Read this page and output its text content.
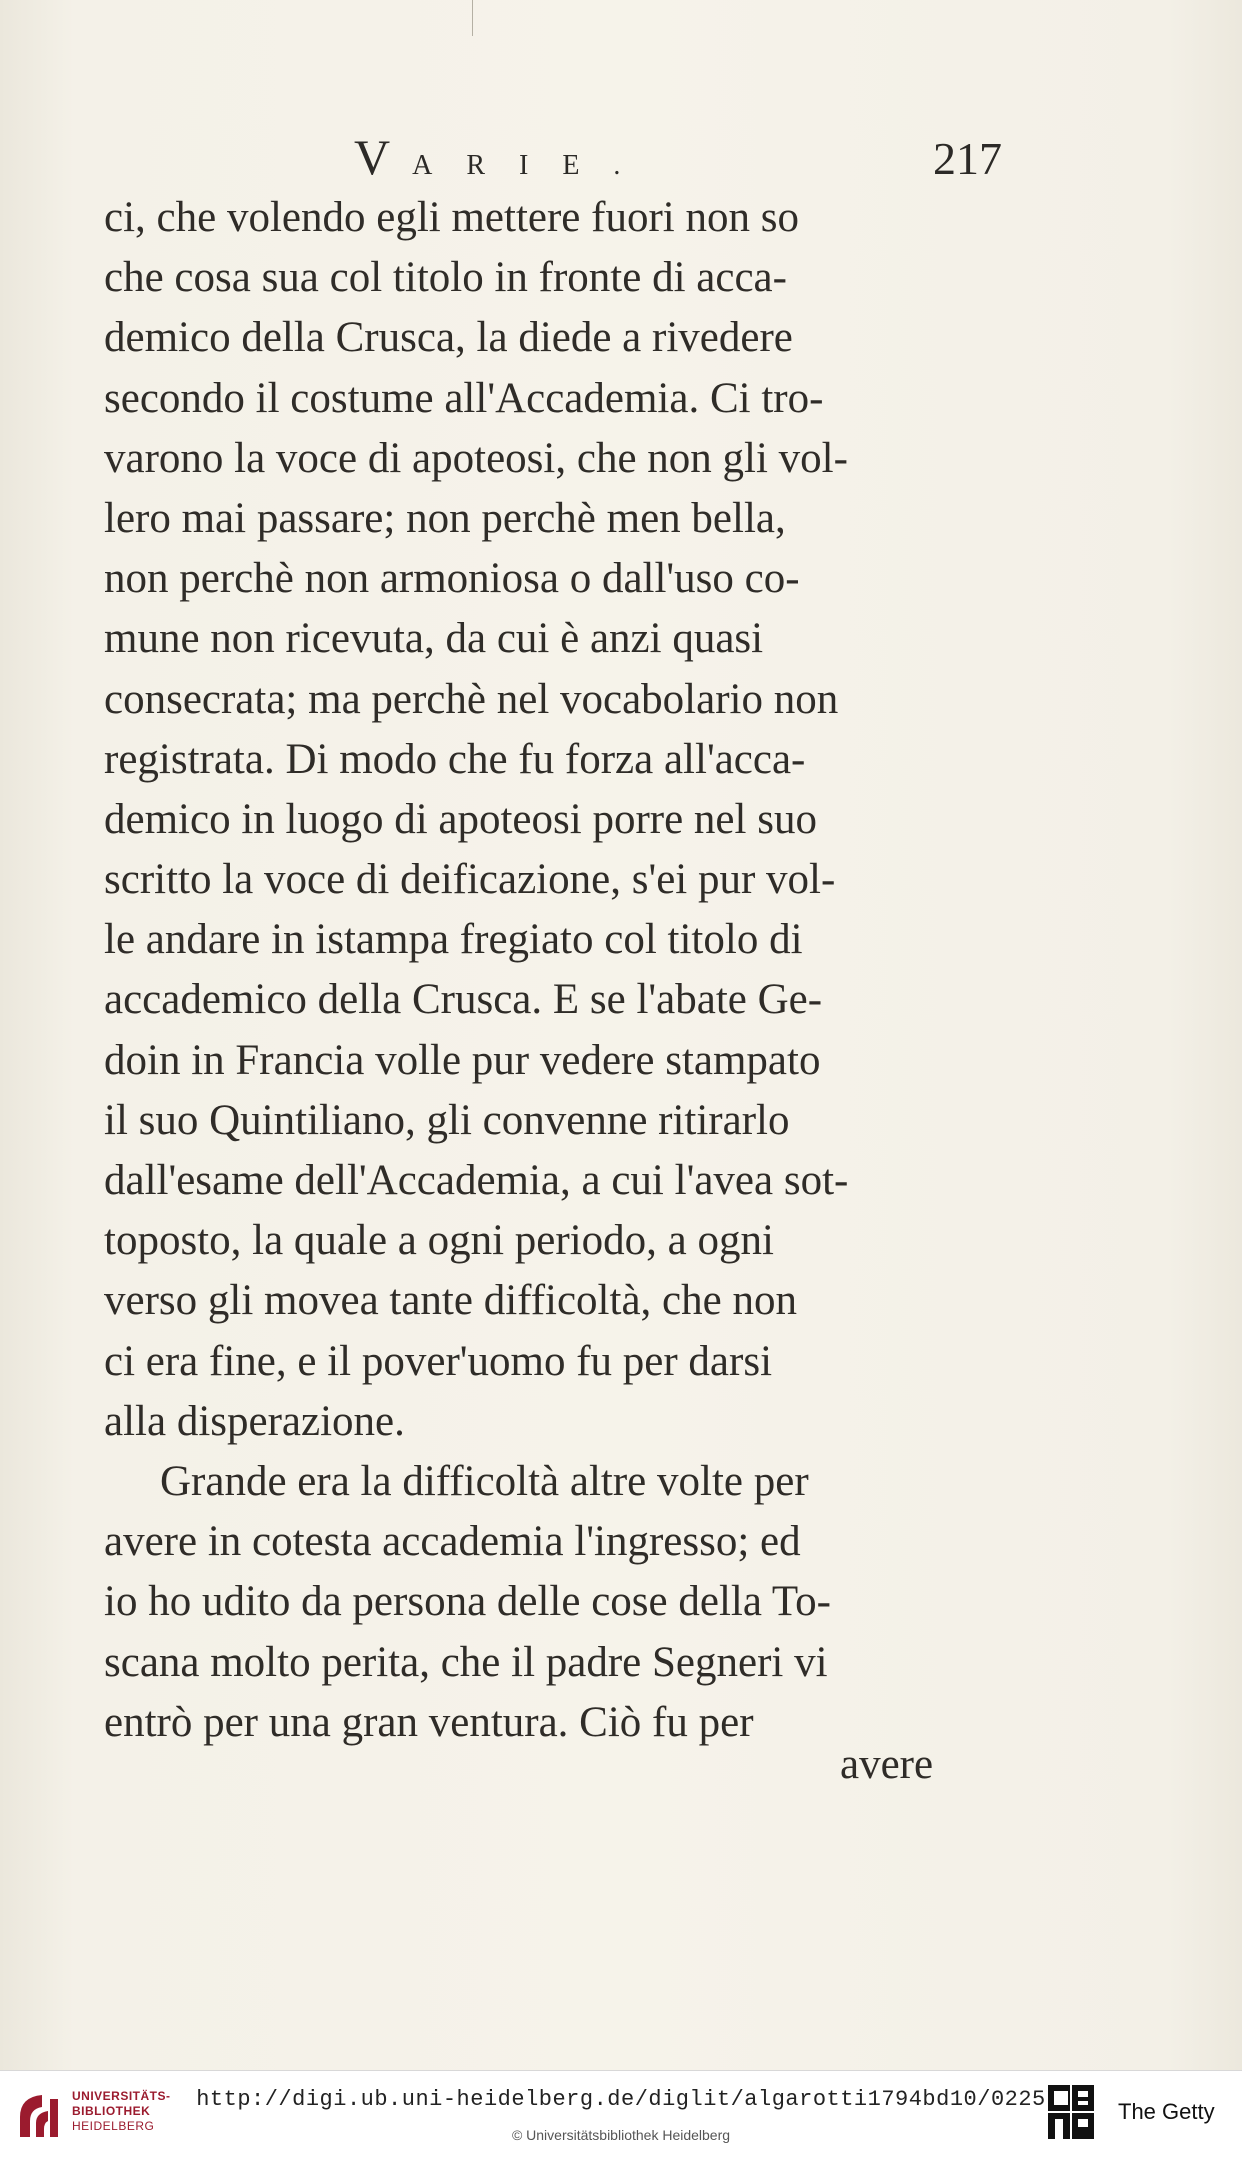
VARIE.	217
ci, che volendo egli mettere fuori non so
che cosa sua col titolo in fronte di acca-
demico della Crusca, la diede a rivedere
secondo il costume all'Accademia. Ci tro-
varono la voce di apoteosi, che non gli vol-
lero mai passare; non perchè men bella,
non perchè non armoniosa o dall'uso co-
mune non ricevuta, da cui è anzi quasi
consecrata; ma perchè nel vocabolario non
registrata. Di modo che fu forza all'acca-
demico in luogo di apoteosi porre nel suo
scritto la voce di deificazione, s'ei pur vol-
le andare in istampa fregiato col titolo di
accademico della Crusca. E se l'abate Ge-
doin in Francia volle pur vedere stampato
il suo Quintiliano, gli convenne ritirarlo
dall'esame dell'Accademia, a cui l'avea sot-
toposto, la quale a ogni periodo, a ogni
verso gli movea tante difficoltà, che non
ci era fine, e il pover'uomo fu per darsi
alla disperazione.
Grande era la difficoltà altre volte per
avere in cotesta accademia l'ingresso; ed
io ho udito da persona delle cose della To-
scana molto perita, che il padre Segneri vi
entrò per una gran ventura. Ciò fu per
avere
UNIVERSITÄTS-
BIBLIOTHEK
HEIDELBERG
http://digi.ub.uni-heidelberg.de/diglit/algarotti1794bd10/0225
© Universitätsbibliothek Heidelberg
The Getty
